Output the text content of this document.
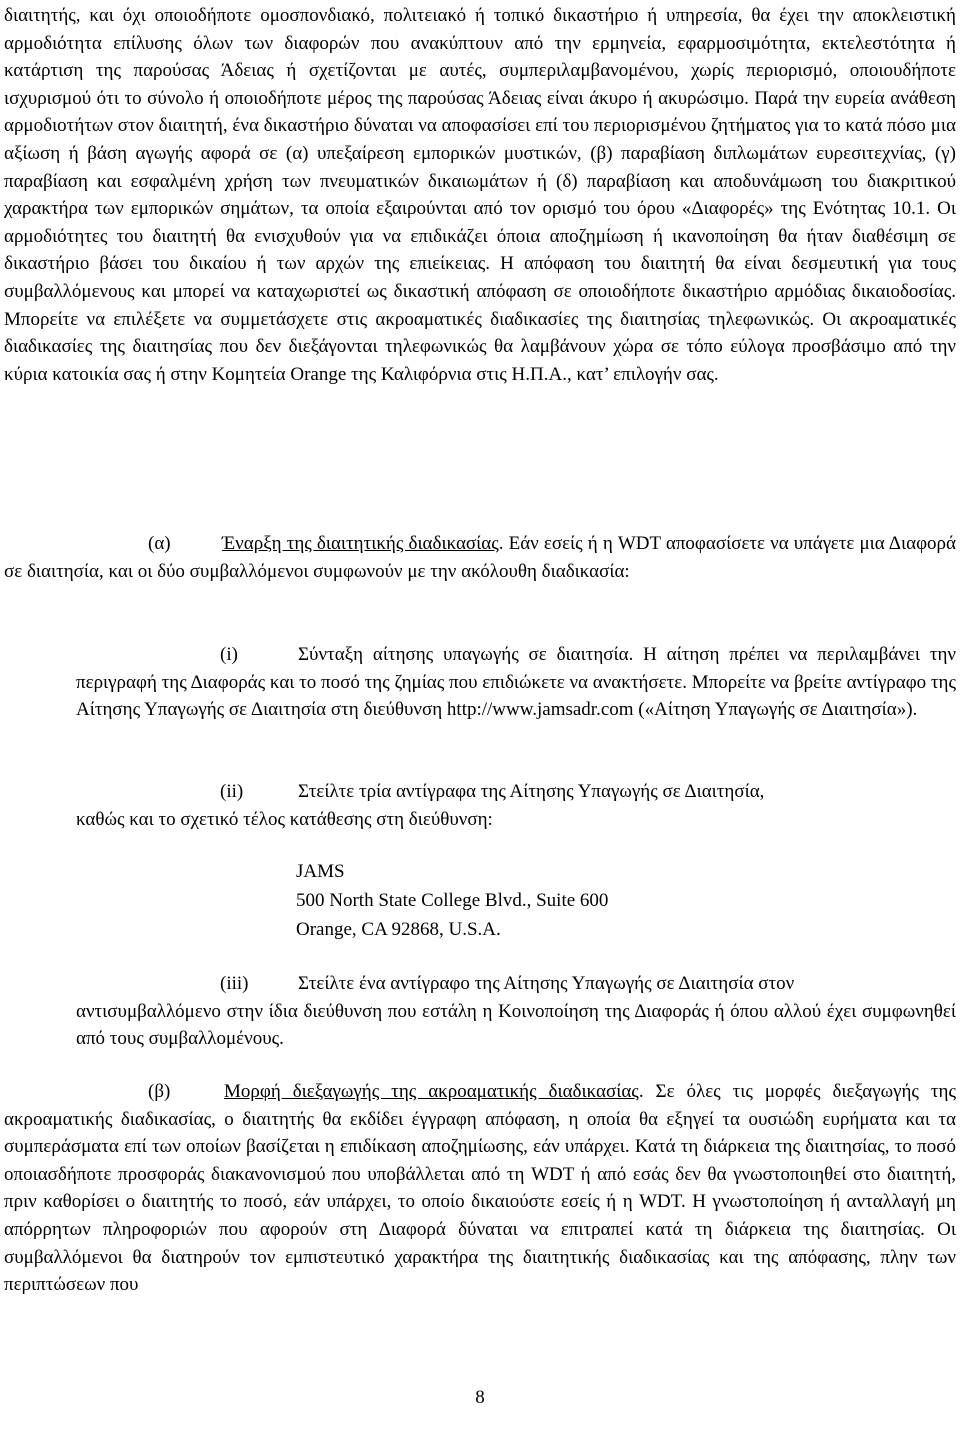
διαιτητής, και όχι οποιοδήποτε ομοσπονδιακό, πολιτειακό ή τοπικό δικαστήριο ή υπηρεσία, θα έχει την αποκλειστική αρμοδιότητα επίλυσης όλων των διαφορών που ανακύπτουν από την ερμηνεία, εφαρμοσιμότητα, εκτελεστότητα ή κατάρτιση της παρούσας Άδειας ή σχετίζονται με αυτές, συμπεριλαμβανομένου, χωρίς περιορισμό, οποιουδήποτε ισχυρισμού ότι το σύνολο ή οποιοδήποτε μέρος της παρούσας Άδειας είναι άκυρο ή ακυρώσιμο. Παρά την ευρεία ανάθεση αρμοδιοτήτων στον διαιτητή, ένα δικαστήριο δύναται να αποφασίσει επί του περιορισμένου ζητήματος για το κατά πόσο μια αξίωση ή βάση αγωγής αφορά σε (α) υπεξαίρεση εμπορικών μυστικών, (β) παραβίαση διπλωμάτων ευρεσιτεχνίας, (γ) παραβίαση και εσφαλμένη χρήση των πνευματικών δικαιωμάτων ή (δ) παραβίαση και αποδυνάμωση του διακριτικού χαρακτήρα των εμπορικών σημάτων, τα οποία εξαιρούνται από τον ορισμό του όρου «Διαφορές» της Ενότητας 10.1. Οι αρμοδιότητες του διαιτητή θα ενισχυθούν για να επιδικάζει όποια αποζημίωση ή ικανοποίηση θα ήταν διαθέσιμη σε δικαστήριο βάσει του δικαίου ή των αρχών της επιείκειας. Η απόφαση του διαιτητή θα είναι δεσμευτική για τους συμβαλλόμενους και μπορεί να καταχωριστεί ως δικαστική απόφαση σε οποιοδήποτε δικαστήριο αρμόδιας δικαιοδοσίας. Μπορείτε να επιλέξετε να συμμετάσχετε στις ακροαματικές διαδικασίες της διαιτησίας τηλεφωνικώς. Οι ακροαματικές διαδικασίες της διαιτησίας που δεν διεξάγονται τηλεφωνικώς θα λαμβάνουν χώρα σε τόπο εύλογα προσβάσιμο από την κύρια κατοικία σας ή στην Κομητεία Orange της Καλιφόρνια στις Η.Π.Α., κατ’ επιλογήν σας.

(α)	Έναρξη της διαιτητικής διαδικασίας. Εάν εσείς ή η WDT αποφασίσετε να υπάγετε μια Διαφορά σε διαιτησία, και οι δύο συμβαλλόμενοι συμφωνούν με την ακόλουθη διαδικασία:

(i)	Σύνταξη αίτησης υπαγωγής σε διαιτησία. Η αίτηση πρέπει να περιλαμβάνει την περιγραφή της Διαφοράς και το ποσό της ζημίας που επιδιώκετε να ανακτήσετε. Μπορείτε να βρείτε αντίγραφο της Αίτησης Υπαγωγής σε Διαιτησία στη διεύθυνση http://www.jamsadr.com («Αίτηση Υπαγωγής σε Διαιτησία»).

(ii)	Στείλτε τρία αντίγραφα της Αίτησης Υπαγωγής σε Διαιτησία,
καθώς και το σχετικό τέλος κατάθεσης στη διεύθυνση:

JAMS
500 North State College Blvd., Suite 600
Orange, CA 92868, U.S.A.

(iii)	Στείλτε ένα αντίγραφο της Αίτησης Υπαγωγής σε Διαιτησία στον
αντισυμβαλλόμενο στην ίδια διεύθυνση που εστάλη η Κοινοποίηση της Διαφοράς ή όπου αλλού έχει συμφωνηθεί από τους συμβαλλομένους.

(β)	Μορφή διεξαγωγής της ακροαματικής διαδικασίας. Σε όλες τις μορφές διεξαγωγής της ακροαματικής διαδικασίας, ο διαιτητής θα εκδίδει έγγραφη απόφαση, η οποία θα εξηγεί τα ουσιώδη ευρήματα και τα συμπεράσματα επί των οποίων βασίζεται η επιδίκαση αποζημίωσης, εάν υπάρχει. Κατά τη διάρκεια της διαιτησίας, το ποσό οποιασδήποτε προσφοράς διακανονισμού που υποβάλλεται από τη WDT ή από εσάς δεν θα γνωστοποιηθεί στο διαιτητή, πριν καθορίσει ο διαιτητής το ποσό, εάν υπάρχει, το οποίο δικαιούστε εσείς ή η WDT. Η γνωστοποίηση ή ανταλλαγή μη απόρρητων πληροφοριών που αφορούν στη Διαφορά δύναται να επιτραπεί κατά τη διάρκεια της διαιτησίας. Οι συμβαλλόμενοι θα διατηρούν τον εμπιστευτικό χαρακτήρα της διαιτητικής διαδικασίας και της απόφασης, πλην των περιπτώσεων που

8
